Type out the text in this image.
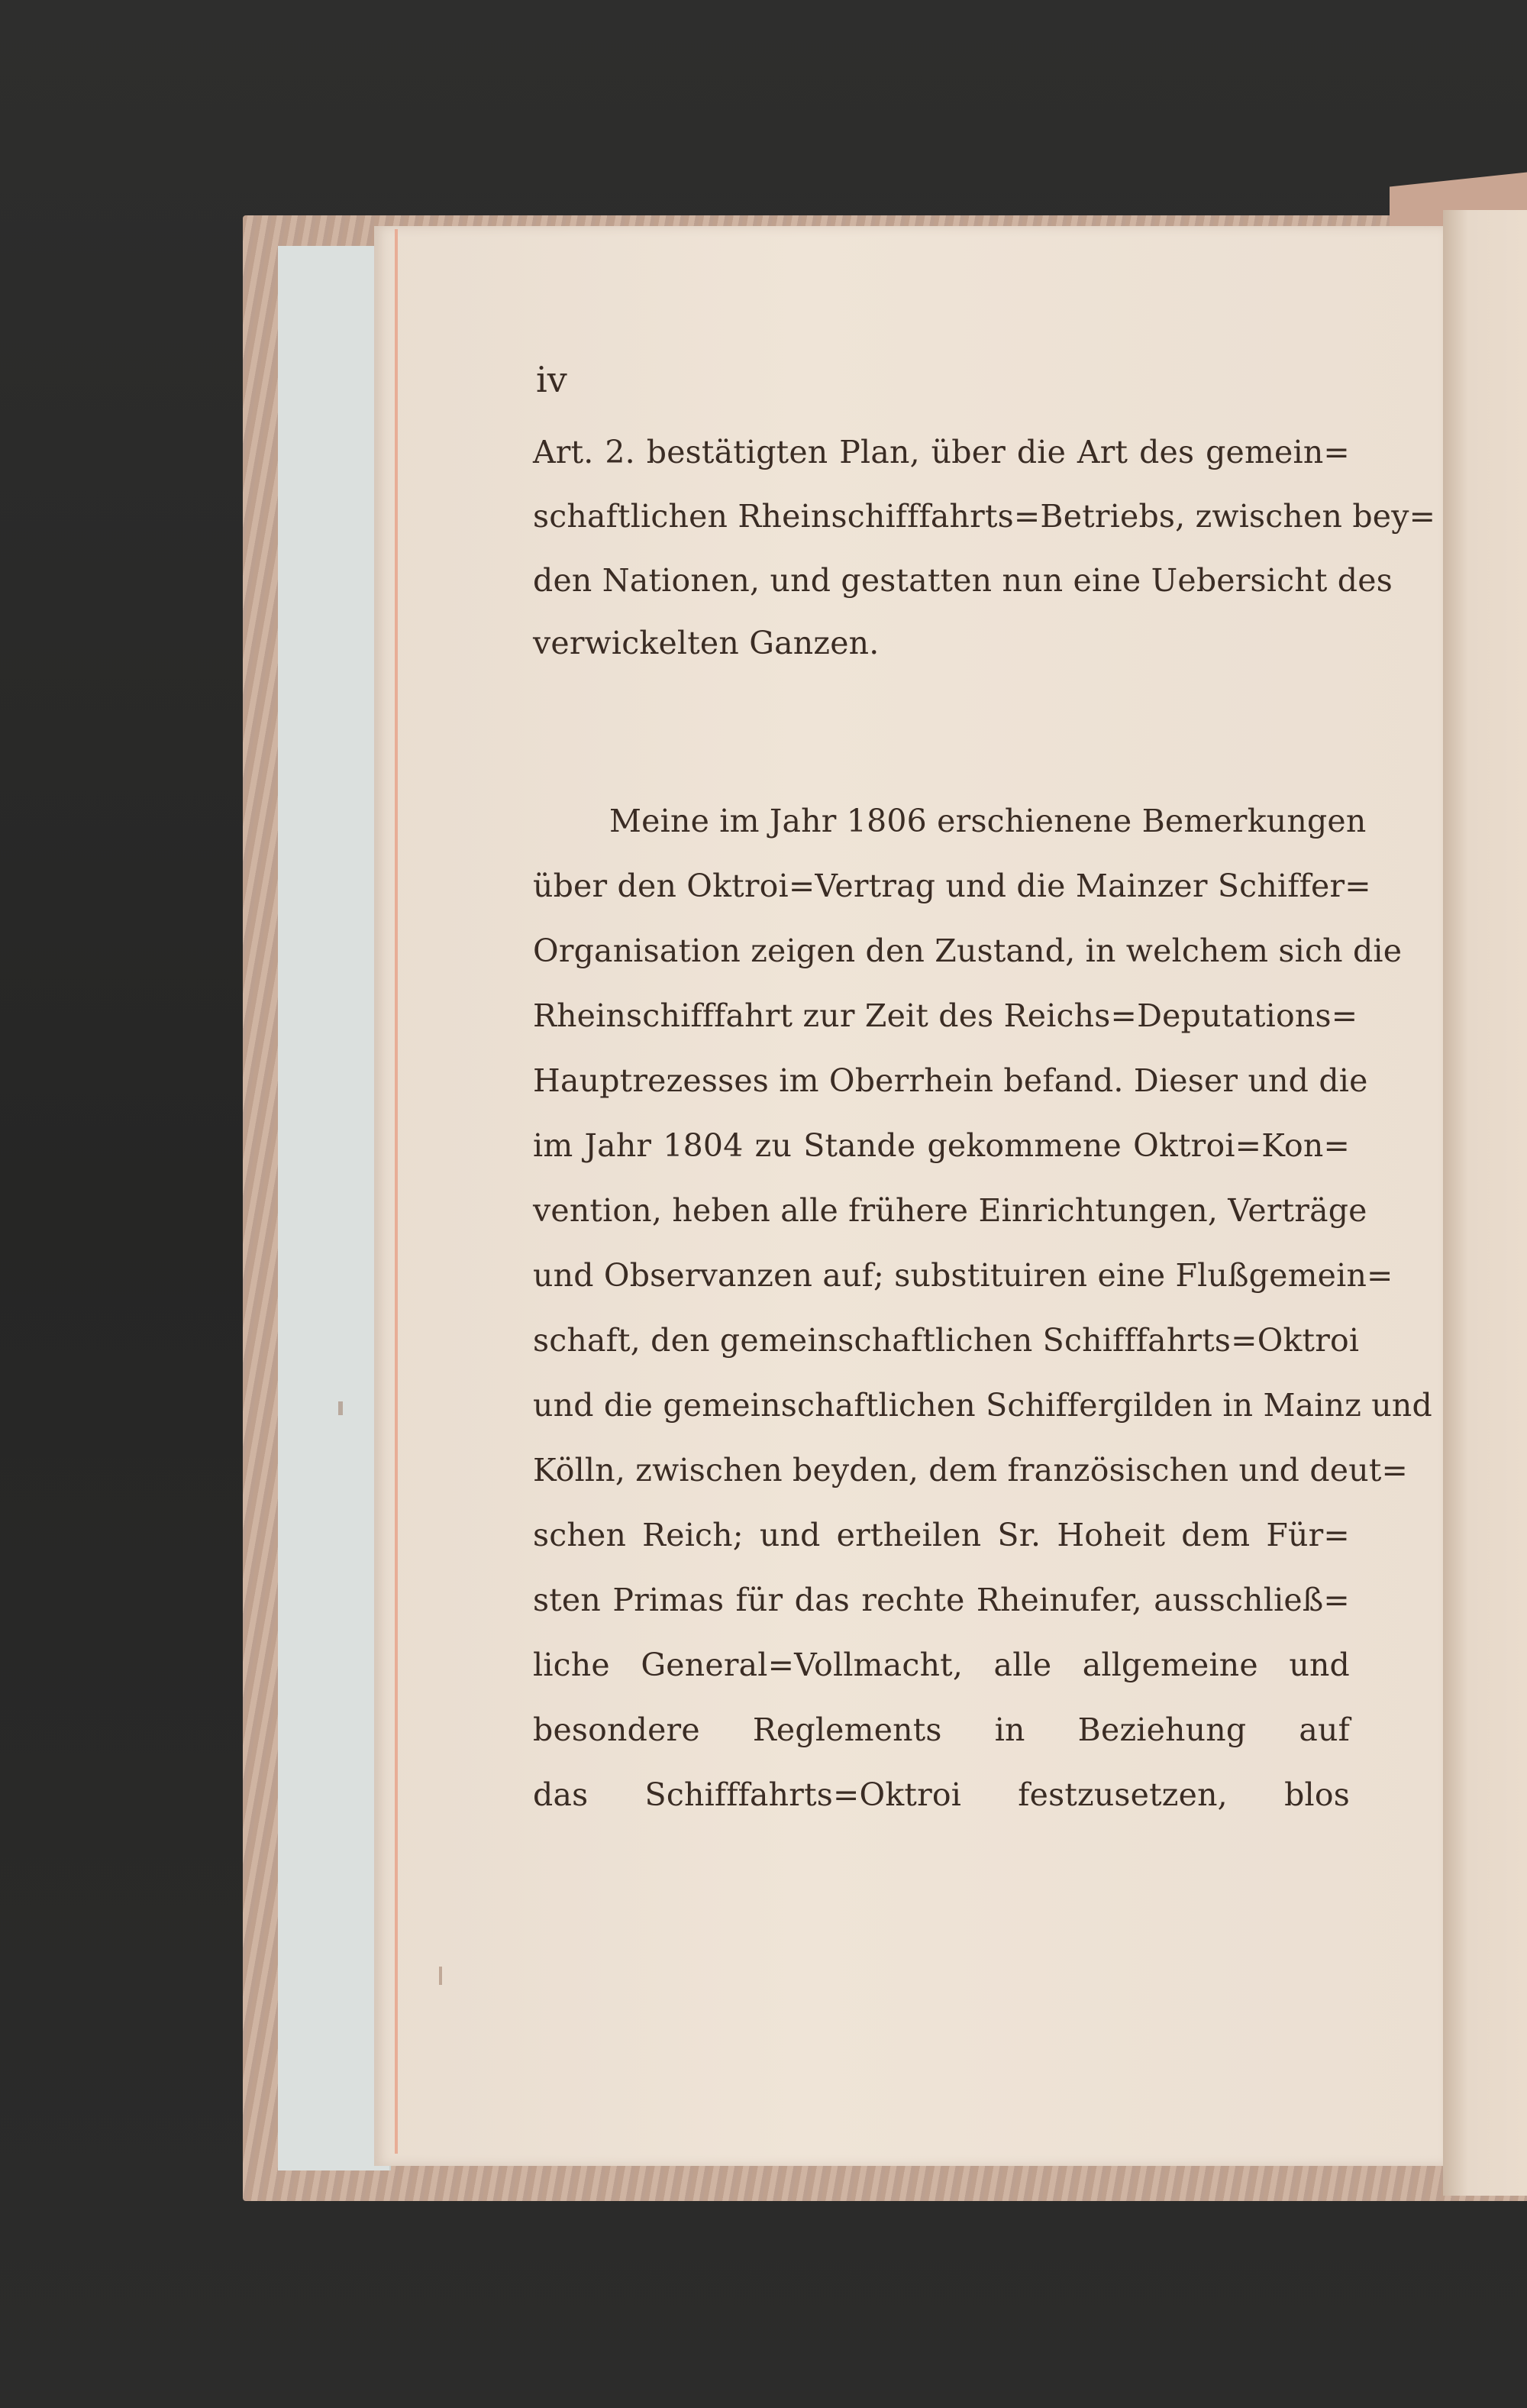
iv

Art. 2. bestätigten Plan, über die Art des gemein=

schaftlichen Rheinschifffahrts=Betriebs, zwischen bey=

den Nationen, und gestatten nun eine Uebersicht des

verwickelten Ganzen.

Meine im Jahr 1806 erschienene Bemerkungen

über den Oktroi=Vertrag und die Mainzer Schiffer=

Organisation zeigen den Zustand, in welchem sich die

Rheinschifffahrt zur Zeit des Reichs=Deputations=

Hauptrezesses im Oberrhein befand. Dieser und die

im Jahr 1804 zu Stande gekommene Oktroi=Kon=

vention, heben alle frühere Einrichtungen, Verträge

und Observanzen auf; substituiren eine Flußgemein=

schaft, den gemeinschaftlichen Schifffahrts=Oktroi

und die gemeinschaftlichen Schiffergilden in Mainz und

Kölln, zwischen beyden, dem französischen und deut=

schen Reich; und ertheilen Sr. Hoheit dem Für=

sten Primas für das rechte Rheinufer, ausschließ=

liche General=Vollmacht, alle allgemeine und

besondere Reglements in Beziehung auf

das Schifffahrts=Oktroi festzusetzen, blos
